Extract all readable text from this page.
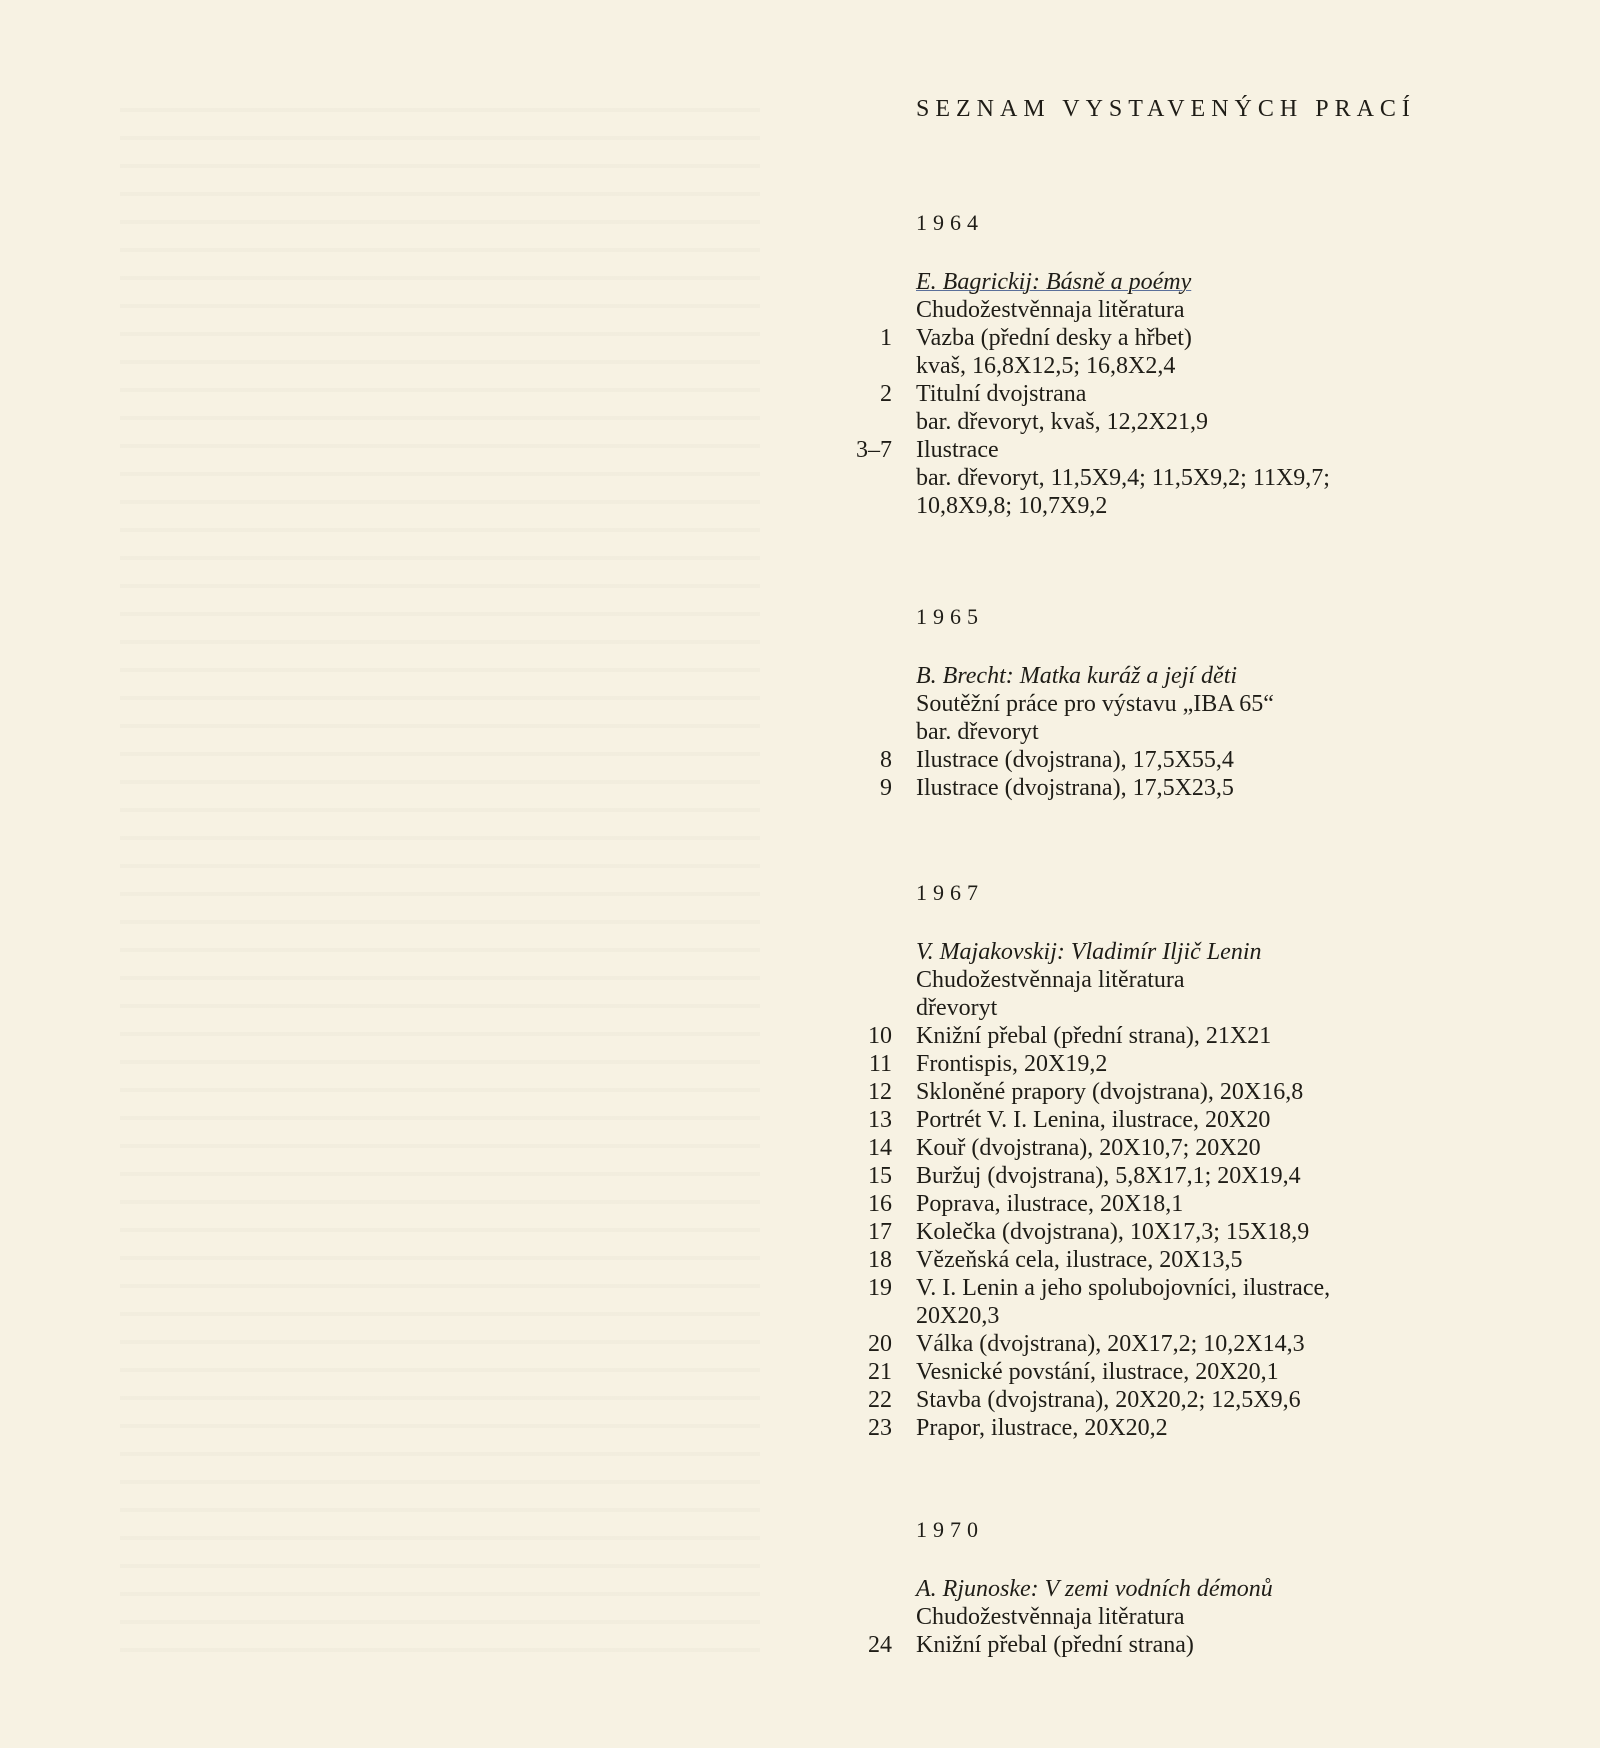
SEZNAM VYSTAVENÝCH PRACÍ
1964
E. Bagrickij: Básně a poémy
Chudožestvěnnaja litěratura
1	Vazba (přední desky a hřbet)
kvaš, 16,8X12,5; 16,8X2,4
2	Titulní dvojstrana
bar. dřevoryt, kvaš, 12,2X21,9
3–7	Ilustrace
bar. dřevoryt, 11,5X9,4; 11,5X9,2; 11X9,7;
10,8X9,8; 10,7X9,2
1965
B. Brecht: Matka kuráž a její děti
Soutěžní práce pro výstavu „IBA 65“
bar. dřevoryt
8	Ilustrace (dvojstrana), 17,5X55,4
9	Ilustrace (dvojstrana), 17,5X23,5
1967
V. Majakovskij: Vladimír Iljič Lenin
Chudožestvěnnaja litěratura
dřevoryt
10	Knižní přebal (přední strana), 21X21
11	Frontispis, 20X19,2
12	Skloněné prapory (dvojstrana), 20X16,8
13	Portrét V. I. Lenina, ilustrace, 20X20
14	Kouř (dvojstrana), 20X10,7; 20X20
15	Buržuj (dvojstrana), 5,8X17,1; 20X19,4
16	Poprava, ilustrace, 20X18,1
17	Kolečka (dvojstrana), 10X17,3; 15X18,9
18	Vězeňská cela, ilustrace, 20X13,5
19	V. I. Lenin a jeho spolubojovníci, ilustrace,
20X20,3
20	Válka (dvojstrana), 20X17,2; 10,2X14,3
21	Vesnické povstání, ilustrace, 20X20,1
22	Stavba (dvojstrana), 20X20,2; 12,5X9,6
23	Prapor, ilustrace, 20X20,2
1970
A. Rjunoske: V zemi vodních démonů
Chudožestvěnnaja litěratura
24	Knižní přebal (přední strana)
